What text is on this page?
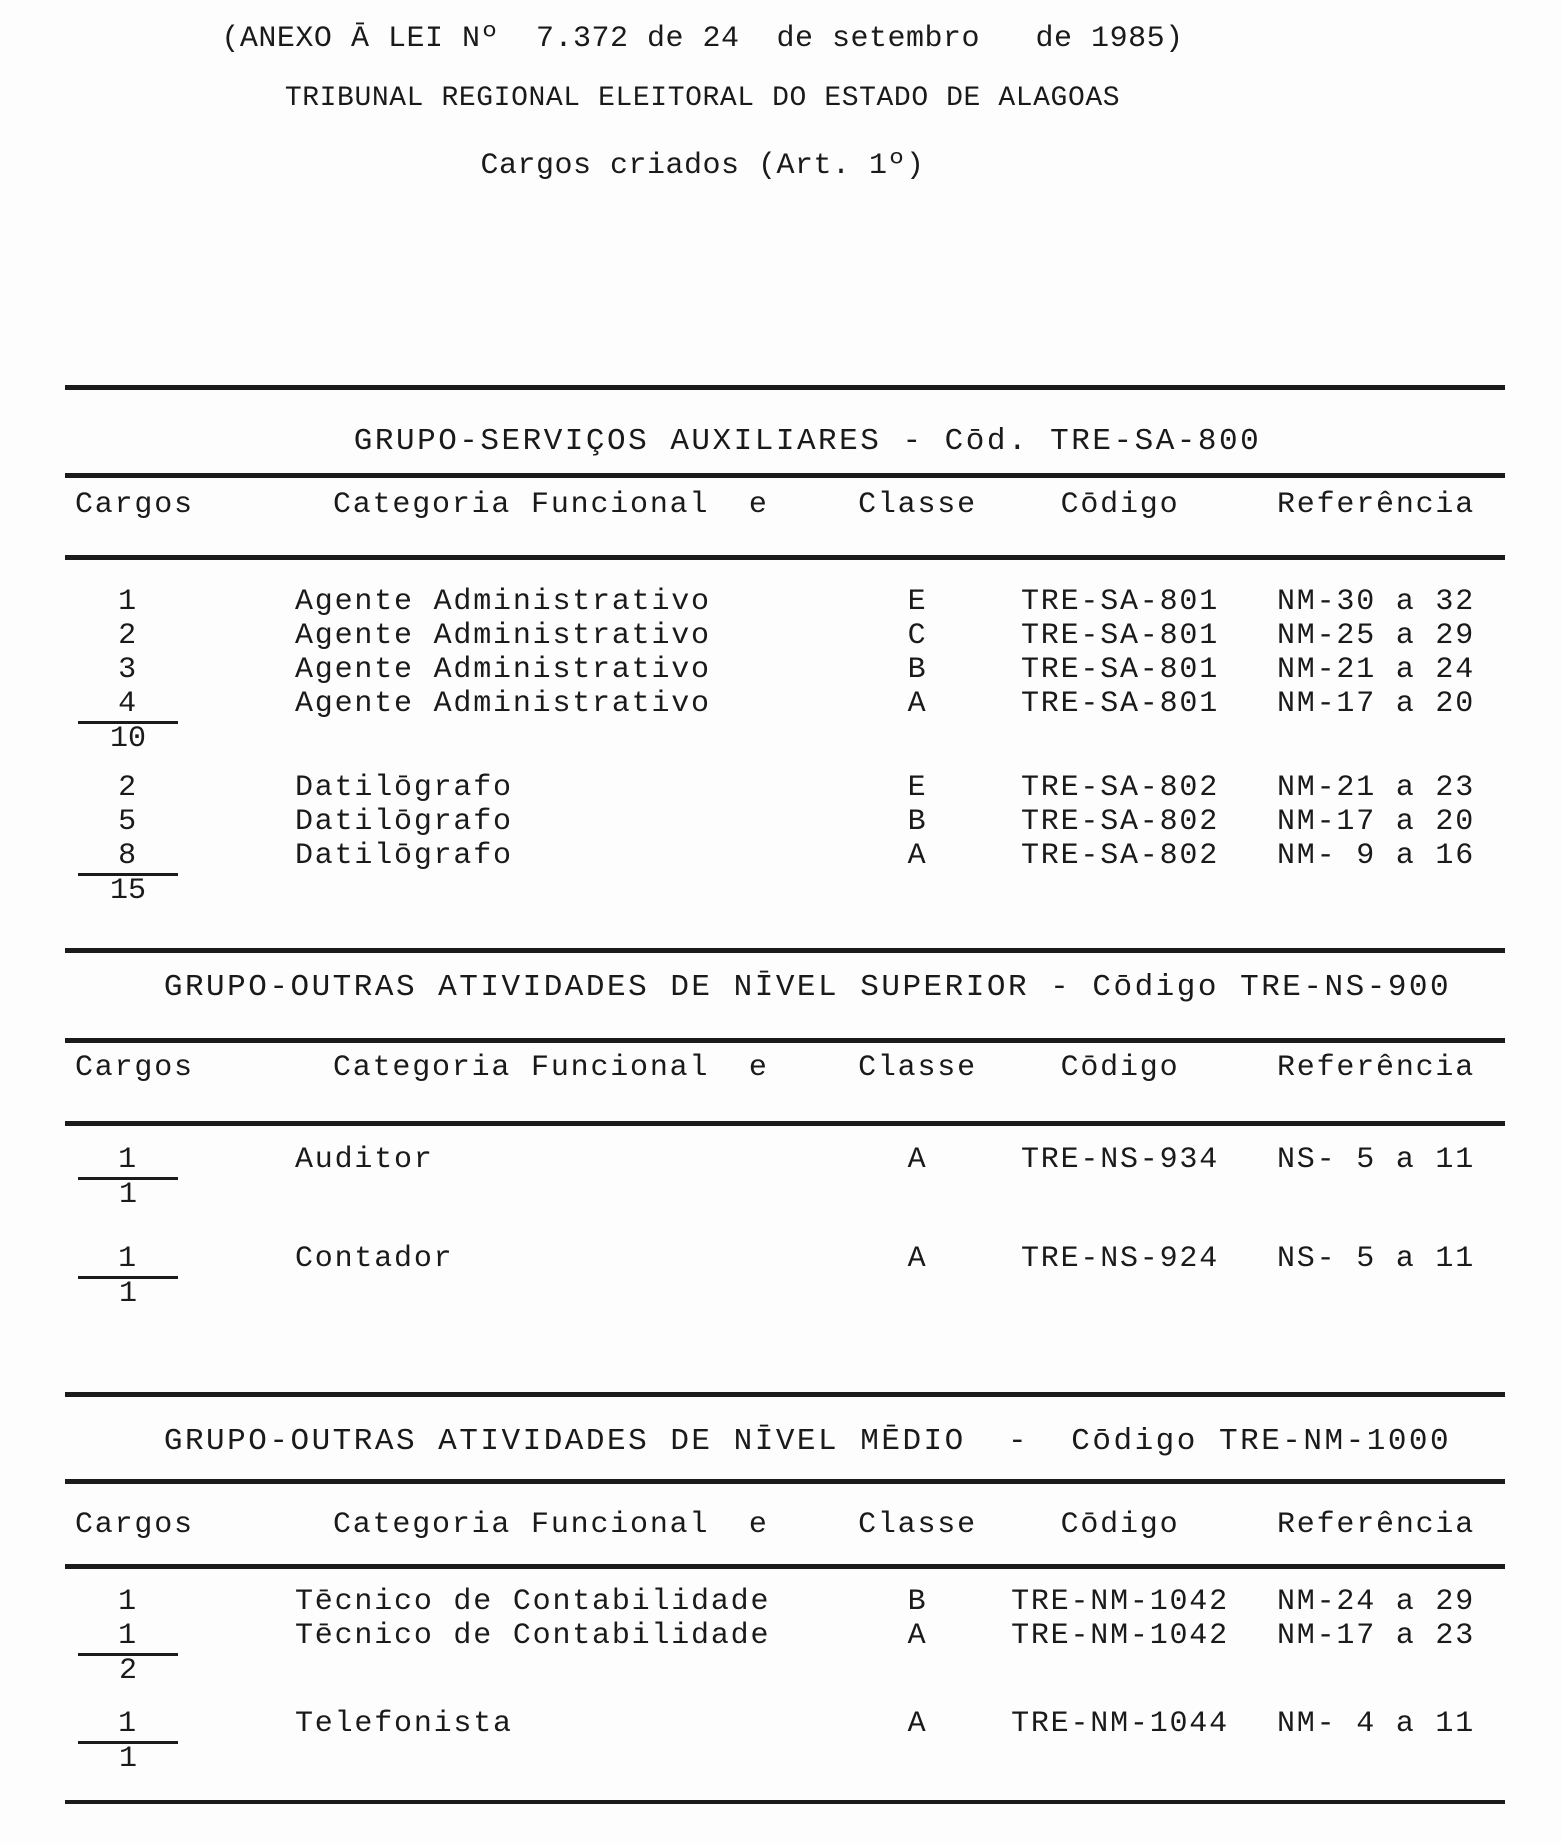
(ANEXO Ā LEI Nº  7.372 de 24  de setembro   de 1985)
TRIBUNAL REGIONAL ELEITORAL DO ESTADO DE ALAGOAS
Cargos criados (Art. 1º)
GRUPO-SERVIÇOS AUXILIARES - Cōd. TRE-SA-800
Cargos	Categoria Funcional  e	Classe	Cōdigo	Referência
1	Agente Administrativo	E	TRE-SA-801	NM-30 a 32
2	Agente Administrativo	C	TRE-SA-801	NM-25 a 29
3	Agente Administrativo	B	TRE-SA-801	NM-21 a 24
4	Agente Administrativo	A	TRE-SA-801	NM-17 a 20
10
2	Datilōgrafo	E	TRE-SA-802	NM-21 a 23
5	Datilōgrafo	B	TRE-SA-802	NM-17 a 20
8	Datilōgrafo	A	TRE-SA-802	NM- 9 a 16
15
GRUPO-OUTRAS ATIVIDADES DE NĪVEL SUPERIOR - Cōdigo TRE-NS-900
Cargos	Categoria Funcional  e	Classe	Cōdigo	Referência
1	Auditor	A	TRE-NS-934	NS- 5 a 11
1
1	Contador	A	TRE-NS-924	NS- 5 a 11
1
GRUPO-OUTRAS ATIVIDADES DE NĪVEL MĒDIO  -  Cōdigo TRE-NM-1000
Cargos	Categoria Funcional  e	Classe	Cōdigo	Referência
1	Tēcnico de Contabilidade	B	TRE-NM-1042	NM-24 a 29
1	Tēcnico de Contabilidade	A	TRE-NM-1042	NM-17 a 23
2
1	Telefonista	A	TRE-NM-1044	NM- 4 a 11
1
